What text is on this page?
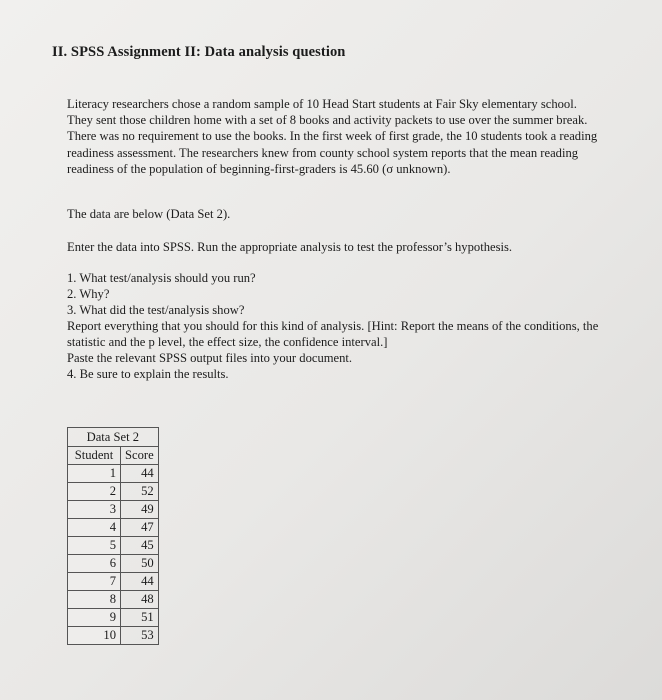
II. SPSS Assignment II: Data analysis question
Literacy researchers chose a random sample of 10 Head Start students at Fair Sky elementary school. They sent those children home with a set of 8 books and activity packets to use over the summer break. There was no requirement to use the books. In the first week of first grade, the 10 students took a reading readiness assessment. The researchers knew from county school system reports that the mean reading readiness of the population of beginning-first-graders is 45.60 (σ unknown).
The data are below (Data Set 2).
Enter the data into SPSS. Run the appropriate analysis to test the professor’s hypothesis.
1. What test/analysis should you run?
2. Why?
3. What did the test/analysis show?
Report everything that you should for this kind of analysis. [Hint: Report the means of the conditions, the statistic and the p level, the effect size, the confidence interval.]
Paste the relevant SPSS output files into your document.
4. Be sure to explain the results.
Data Set 2	
Student	Score
1	44
2	52
3	49
4	47
5	45
6	50
7	44
8	48
9	51
10	53
